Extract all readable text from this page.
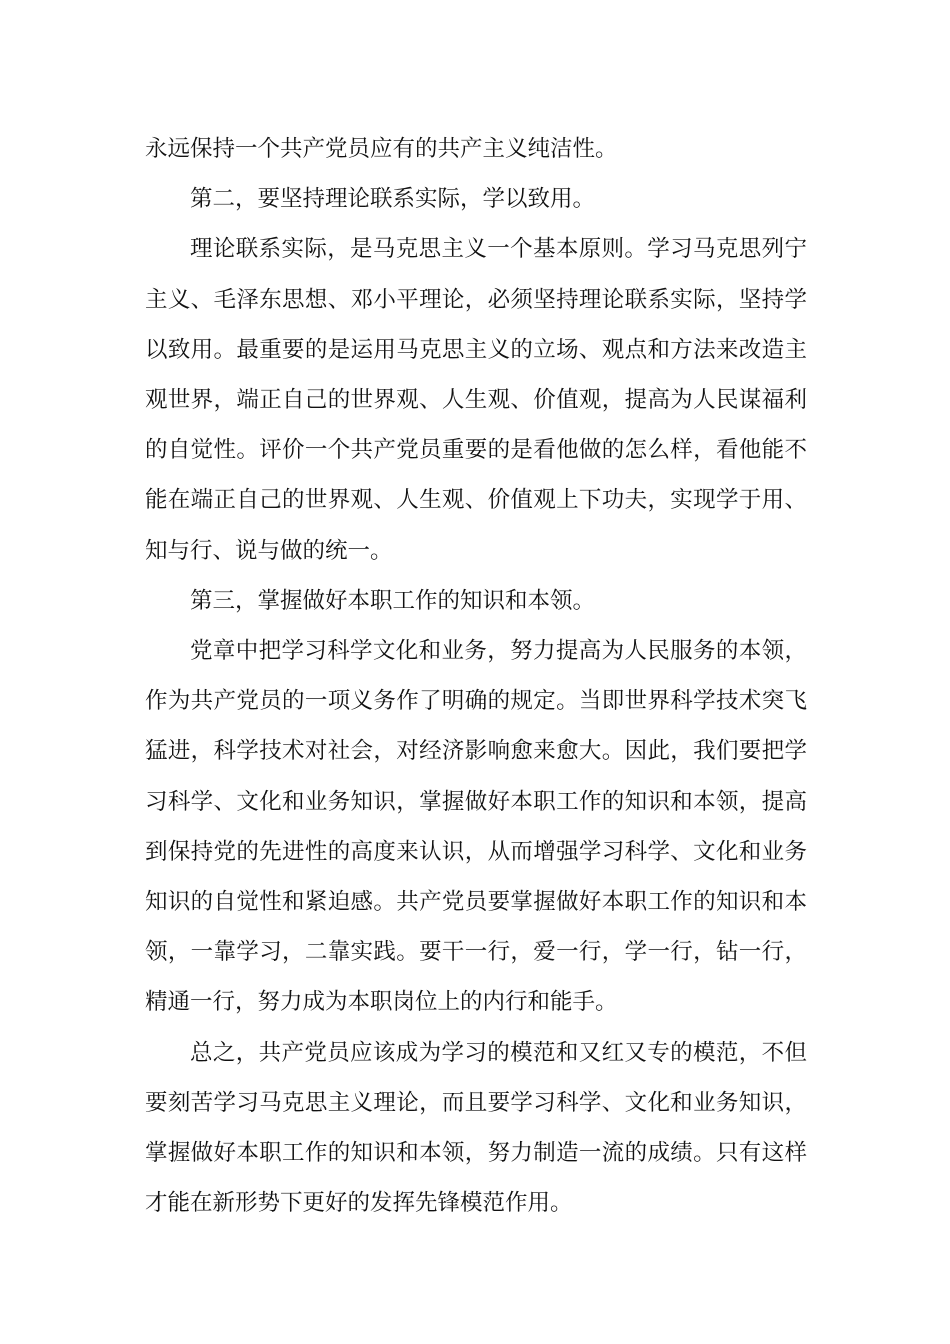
永远保持一个共产党员应有的共产主义纯洁性。

第二，要坚持理论联系实际，学以致用。

理论联系实际，是马克思主义一个基本原则。学习马克思列宁主义、毛泽东思想、邓小平理论，必须坚持理论联系实际，坚持学以致用。最重要的是运用马克思主义的立场、观点和方法来改造主观世界，端正自己的世界观、人生观、价值观，提高为人民谋福利的自觉性。评价一个共产党员重要的是看他做的怎么样，看他能不能在端正自己的世界观、人生观、价值观上下功夫，实现学于用、知与行、说与做的统一。

第三，掌握做好本职工作的知识和本领。

党章中把学习科学文化和业务，努力提高为人民服务的本领，作为共产党员的一项义务作了明确的规定。当即世界科学技术突飞猛进，科学技术对社会，对经济影响愈来愈大。因此，我们要把学习科学、文化和业务知识，掌握做好本职工作的知识和本领，提高到保持党的先进性的高度来认识，从而增强学习科学、文化和业务知识的自觉性和紧迫感。共产党员要掌握做好本职工作的知识和本领，一靠学习，二靠实践。要干一行，爱一行，学一行，钻一行，精通一行，努力成为本职岗位上的内行和能手。

总之，共产党员应该成为学习的模范和又红又专的模范，不但要刻苦学习马克思主义理论，而且要学习科学、文化和业务知识，掌握做好本职工作的知识和本领，努力制造一流的成绩。只有这样才能在新形势下更好的发挥先锋模范作用。
